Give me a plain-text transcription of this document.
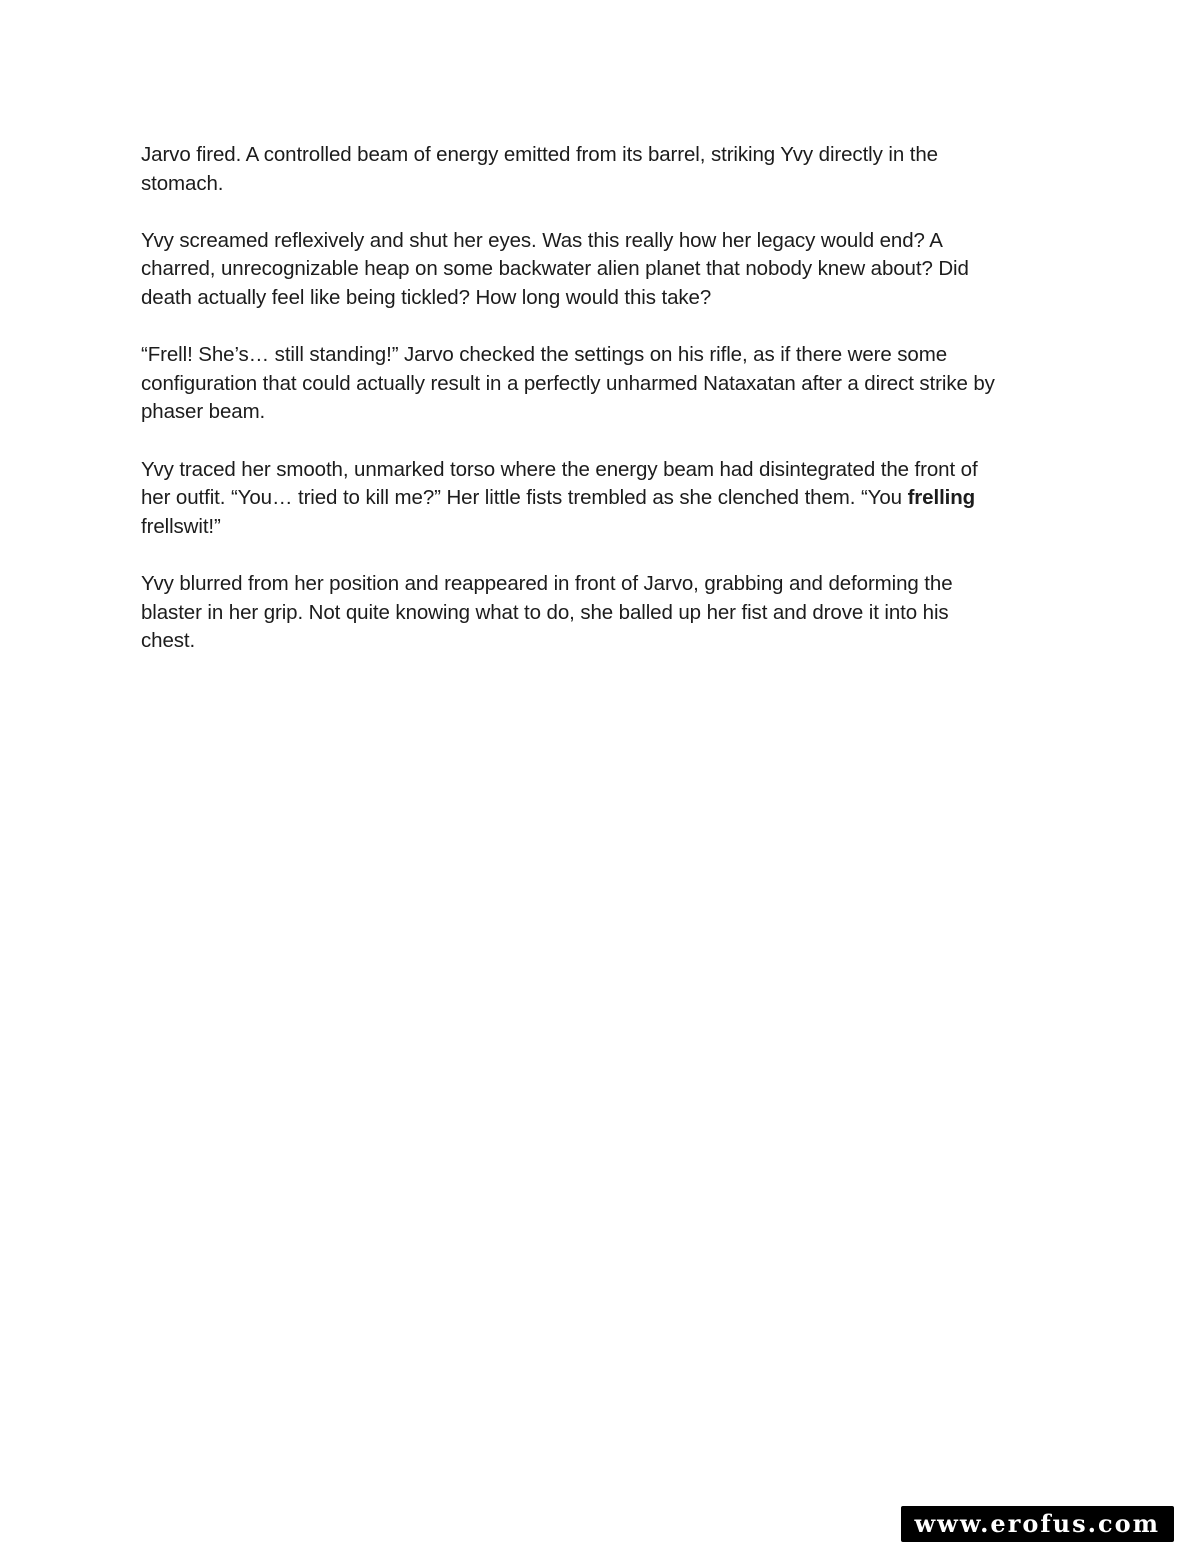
Jarvo fired. A controlled beam of energy emitted from its barrel, striking Yvy directly in the
stomach.

Yvy screamed reflexively and shut her eyes. Was this really how her legacy would end? A
charred, unrecognizable heap on some backwater alien planet that nobody knew about? Did
death actually feel like being tickled? How long would this take?

“Frell! She’s… still standing!” Jarvo checked the settings on his rifle, as if there were some
configuration that could actually result in a perfectly unharmed Nataxatan after a direct strike by
phaser beam.

Yvy traced her smooth, unmarked torso where the energy beam had disintegrated the front of
her outfit. “You… tried to kill me?” Her little fists trembled as she clenched them. “You frelling
frellswit!”

Yvy blurred from her position and reappeared in front of Jarvo, grabbing and deforming the
blaster in her grip. Not quite knowing what to do, she balled up her fist and drove it into his
chest.

www.erofus.com
